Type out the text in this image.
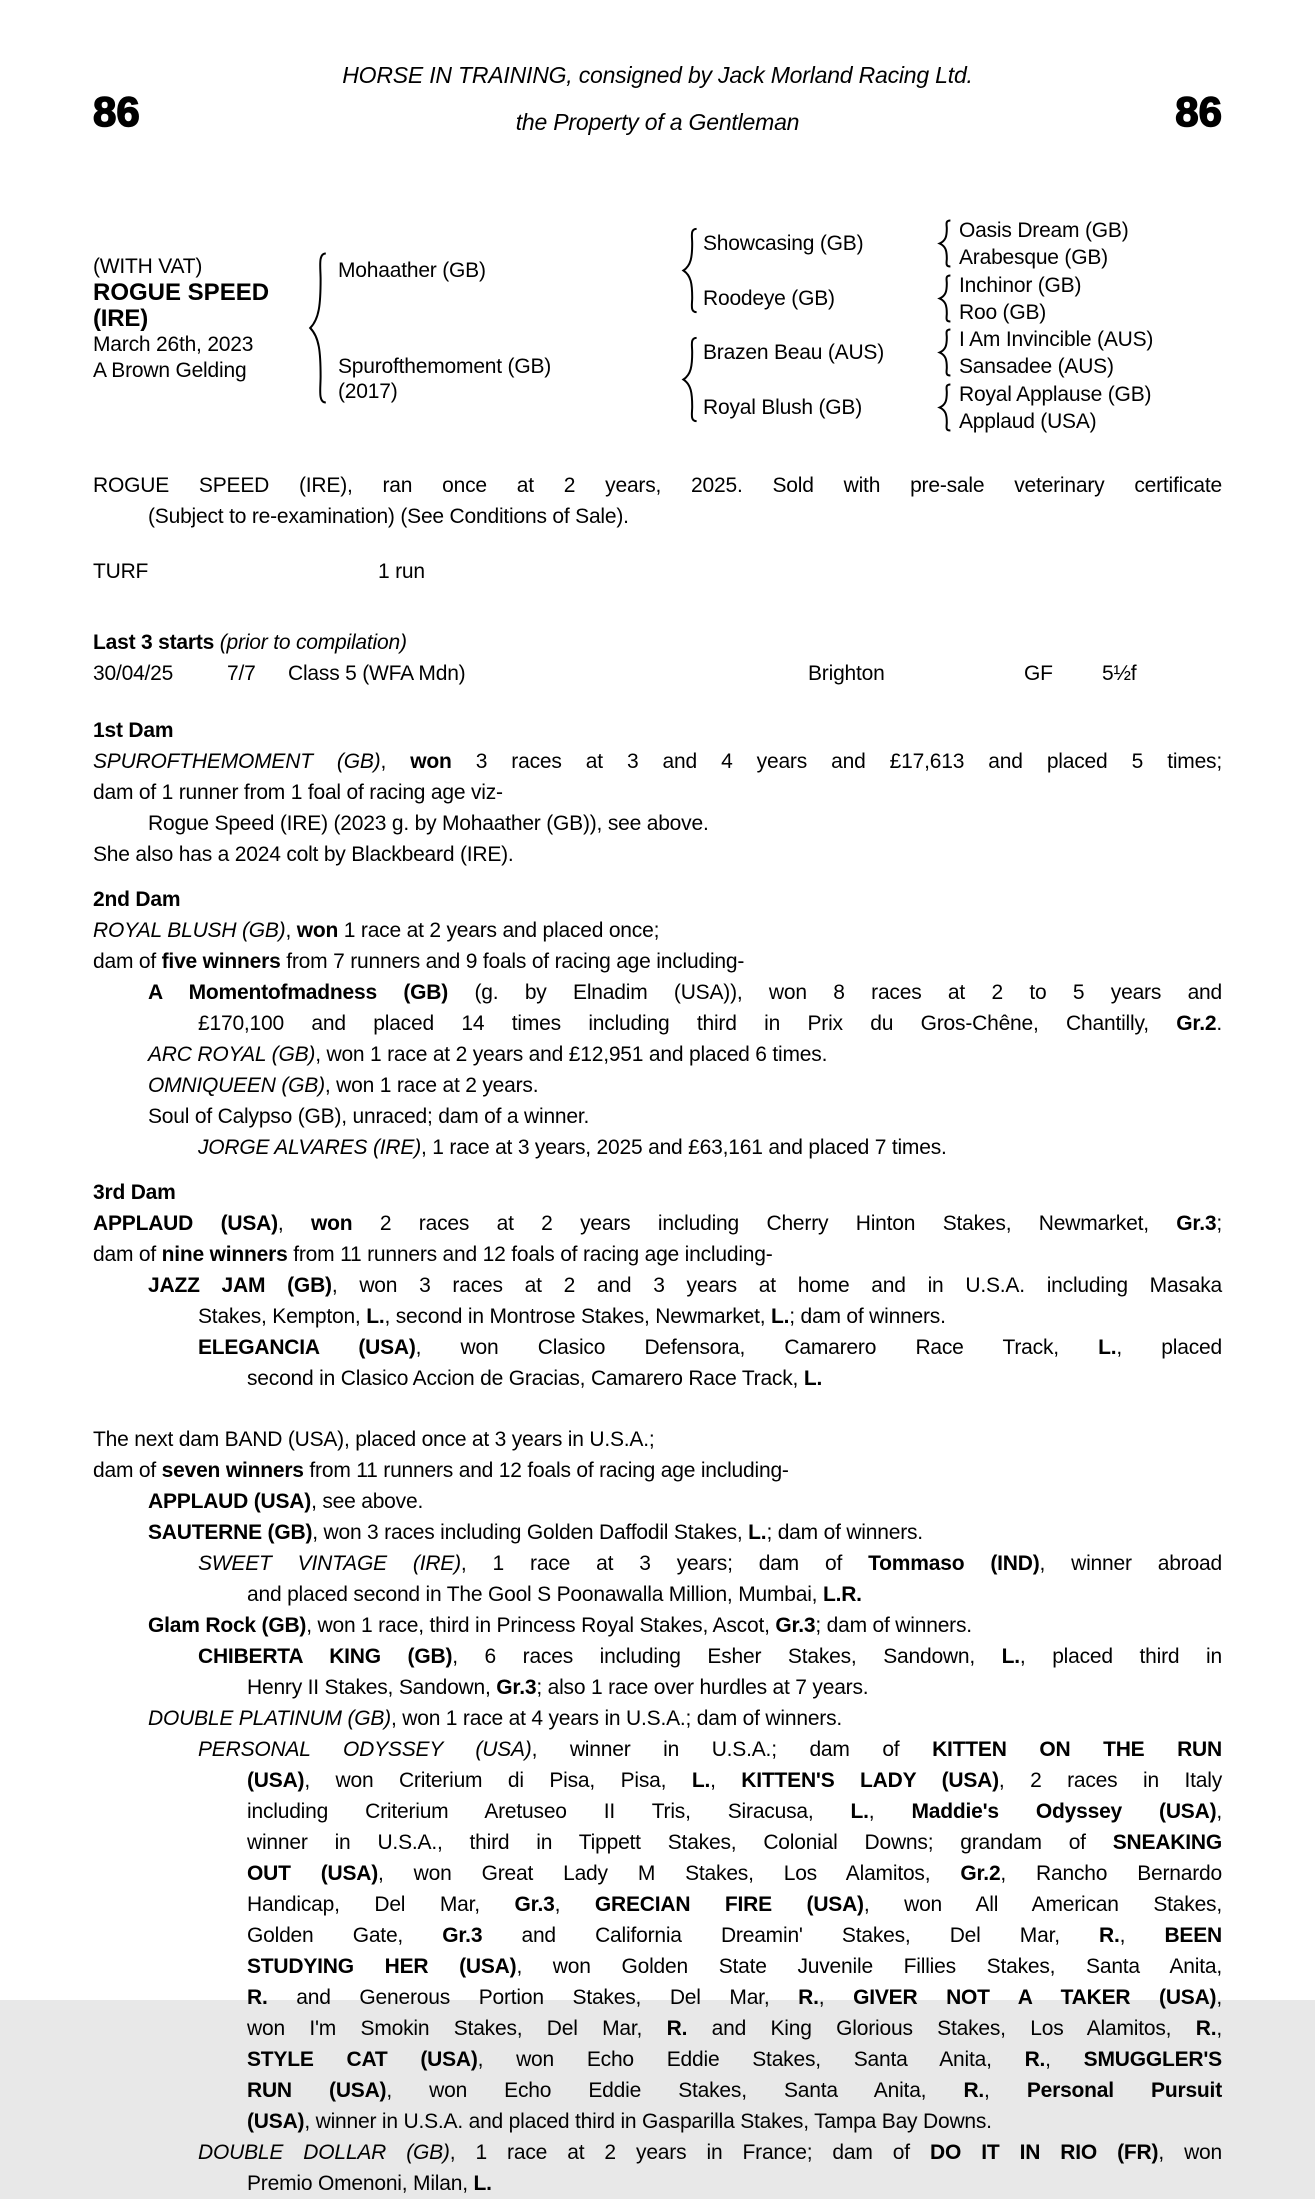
HORSE IN TRAINING, consigned by Jack Morland Racing Ltd.
the Property of a Gentleman
86	86
(WITH VAT)
ROGUE SPEED
(IRE)
March 26th, 2023
A Brown Gelding
Mohaather (GB)
Spurofthemoment (GB)
(2017)
Showcasing (GB)
Roodeye (GB)
Brazen Beau (AUS)
Royal Blush (GB)
Oasis Dream (GB)
Arabesque (GB)
Inchinor (GB)
Roo (GB)
I Am Invincible (AUS)
Sansadee (AUS)
Royal Applause (GB)
Applaud (USA)
ROGUE SPEED (IRE), ran once at 2 years, 2025. Sold with pre-sale veterinary certificate
(Subject to re-examination) (See Conditions of Sale).
TURF	1 run
Last 3 starts (prior to compilation)
30/04/25	7/7	Class 5 (WFA Mdn)	Brighton	GF	5½f
1st Dam
SPUROFTHEMOMENT (GB), won 3 races at 3 and 4 years and £17,613 and placed 5 times;
dam of 1 runner from 1 foal of racing age viz-
Rogue Speed (IRE) (2023 g. by Mohaather (GB)), see above.
She also has a 2024 colt by Blackbeard (IRE).
2nd Dam
ROYAL BLUSH (GB), won 1 race at 2 years and placed once;
dam of five winners from 7 runners and 9 foals of racing age including-
A Momentofmadness (GB) (g. by Elnadim (USA)), won 8 races at 2 to 5 years and
£170,100 and placed 14 times including third in Prix du Gros-Chêne, Chantilly, Gr.2.
ARC ROYAL (GB), won 1 race at 2 years and £12,951 and placed 6 times.
OMNIQUEEN (GB), won 1 race at 2 years.
Soul of Calypso (GB), unraced; dam of a winner.
JORGE ALVARES (IRE), 1 race at 3 years, 2025 and £63,161 and placed 7 times.
3rd Dam
APPLAUD (USA), won 2 races at 2 years including Cherry Hinton Stakes, Newmarket, Gr.3;
dam of nine winners from 11 runners and 12 foals of racing age including-
JAZZ JAM (GB), won 3 races at 2 and 3 years at home and in U.S.A. including Masaka
Stakes, Kempton, L., second in Montrose Stakes, Newmarket, L.; dam of winners.
ELEGANCIA (USA), won Clasico Defensora, Camarero Race Track, L., placed
second in Clasico Accion de Gracias, Camarero Race Track, L.
The next dam BAND (USA), placed once at 3 years in U.S.A.;
dam of seven winners from 11 runners and 12 foals of racing age including-
APPLAUD (USA), see above.
SAUTERNE (GB), won 3 races including Golden Daffodil Stakes, L.; dam of winners.
SWEET VINTAGE (IRE), 1 race at 3 years; dam of Tommaso (IND), winner abroad
and placed second in The Gool S Poonawalla Million, Mumbai, L.R.
Glam Rock (GB), won 1 race, third in Princess Royal Stakes, Ascot, Gr.3; dam of winners.
CHIBERTA KING (GB), 6 races including Esher Stakes, Sandown, L., placed third in
Henry II Stakes, Sandown, Gr.3; also 1 race over hurdles at 7 years.
DOUBLE PLATINUM (GB), won 1 race at 4 years in U.S.A.; dam of winners.
PERSONAL ODYSSEY (USA), winner in U.S.A.; dam of KITTEN ON THE RUN
(USA), won Criterium di Pisa, Pisa, L., KITTEN'S LADY (USA), 2 races in Italy
including Criterium Aretuseo II Tris, Siracusa, L., Maddie's Odyssey (USA),
winner in U.S.A., third in Tippett Stakes, Colonial Downs; grandam of SNEAKING
OUT (USA), won Great Lady M Stakes, Los Alamitos, Gr.2, Rancho Bernardo
Handicap, Del Mar, Gr.3, GRECIAN FIRE (USA), won All American Stakes,
Golden Gate, Gr.3 and California Dreamin' Stakes, Del Mar, R., BEEN
STUDYING HER (USA), won Golden State Juvenile Fillies Stakes, Santa Anita,
R. and Generous Portion Stakes, Del Mar, R., GIVER NOT A TAKER (USA),
won I'm Smokin Stakes, Del Mar, R. and King Glorious Stakes, Los Alamitos, R.,
STYLE CAT (USA), won Echo Eddie Stakes, Santa Anita, R., SMUGGLER'S
RUN (USA), won Echo Eddie Stakes, Santa Anita, R., Personal Pursuit
(USA), winner in U.S.A. and placed third in Gasparilla Stakes, Tampa Bay Downs.
DOUBLE DOLLAR (GB), 1 race at 2 years in France; dam of DO IT IN RIO (FR), won
Premio Omenoni, Milan, L.
